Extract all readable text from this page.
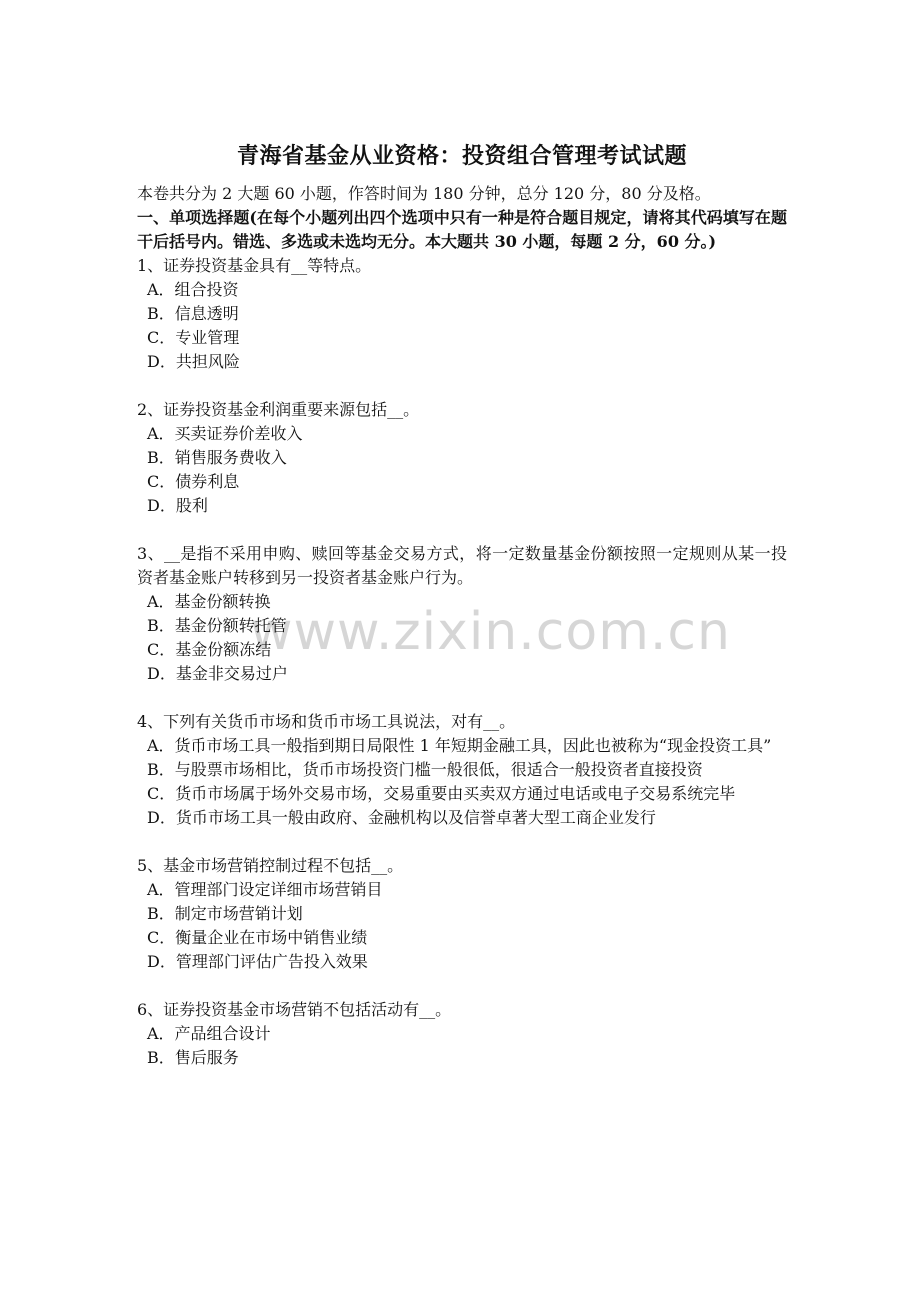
www.zixin.com.cn
青海省基金从业资格：投资组合管理考试试题

本卷共分为 2 大题 60 小题，作答时间为 180 分钟，总分 120 分，80 分及格。

一、单项选择题(在每个小题列出四个选项中只有一种是符合题目规定，请将其代码填写在题干后括号内。错选、多选或未选均无分。本大题共 30 小题，每题 2 分，60 分。)

1、证券投资基金具有__等特点。

A．组合投资

B．信息透明

C．专业管理

D．共担风险

2、证券投资基金利润重要来源包括__。

A．买卖证券价差收入

B．销售服务费收入

C．债券利息

D．股利

3、__是指不采用申购、赎回等基金交易方式，将一定数量基金份额按照一定规则从某一投资者基金账户转移到另一投资者基金账户行为。

A．基金份额转换

B．基金份额转托管

C．基金份额冻结

D．基金非交易过户

4、下列有关货币市场和货币市场工具说法，对有__。

A．货币市场工具一般指到期日局限性 1 年短期金融工具，因此也被称为“现金投资工具”

B．与股票市场相比，货币市场投资门槛一般很低，很适合一般投资者直接投资

C．货币市场属于场外交易市场，交易重要由买卖双方通过电话或电子交易系统完毕

D．货币市场工具一般由政府、金融机构以及信誉卓著大型工商企业发行

5、基金市场营销控制过程不包括__。

A．管理部门设定详细市场营销目

B．制定市场营销计划

C．衡量企业在市场中销售业绩

D．管理部门评估广告投入效果

6、证券投资基金市场营销不包括活动有__。

A．产品组合设计

B．售后服务
